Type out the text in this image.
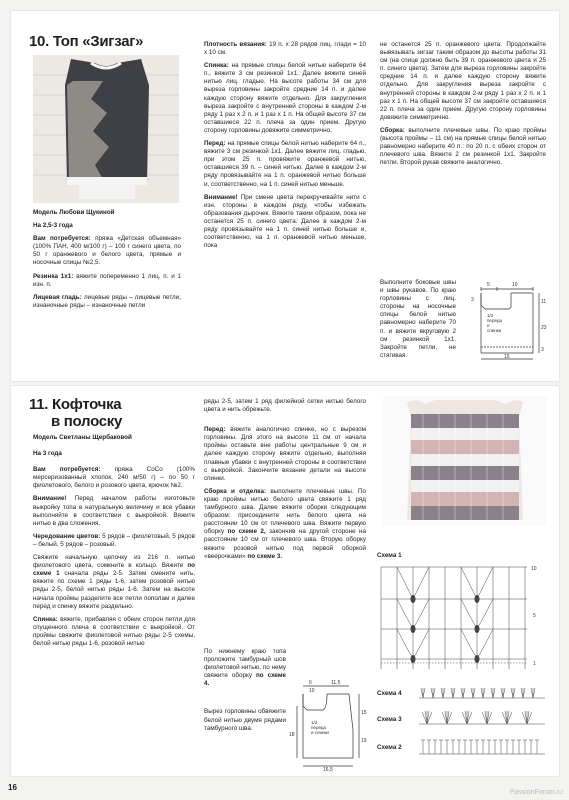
10. Топ «Зигзаг»

Модель Любови Щукиной

На 2,5-3 года

Вам потребуется: пряжа «Детская объемная» (100% ПАН, 400 м/100 г) – 100 г синего цвета, по 50 г оранжевого и белого цвета, прямые и носочные спицы №2,5.

Резинка 1х1: вяжите попеременно 1 лиц. п. и 1 изн. п.

Лицевая гладь: лицевые ряды – лицевые петли, изнаночные ряды – изнаночные петли

Плотность вязания: 19 п. х 28 рядов лиц. глади = 10 х 10 см.

Спинка: на прямые спицы белой нитью наберите 64 п., вяжите 3 см резинкой 1х1. Далее вяжите синей нитью лиц. гладью. На высоте работы 34 см для выреза горловины закройте средние 14 п. и далее каждую сторону вяжите отдельно. Для закругления выреза закройте с внутренней стороны в каждом 2-м ряду 1 раз х 2 п. и 1 раз х 1 п. На общей высоте 37 см оставшиеся 22 п. плеча за один прием. Другую сторону горловины довяжите симметрично.

Перед: на прямые спицы белой нитью наберите 64 п., вяжите 3 см резинкой 1х1. Далее вяжите лиц. гладью, при этом 25 п. провяжите оранжевой нитью, оставшиеся 39 п. – синей нитью. Далее в каждом 2-м ряду провязывайте на 1 п. оранжевой нитью больше и, соответственно, на 1 п. синей нитью меньше.

Внимание! При смене цвета перекручивайте нити с изн. стороны в каждом ряду, чтобы избежать образования дырочек. Вяжите таким образом, пока не останется 25 п. синего цвета. Далее в каждом 2-м ряду провязывайте на 1 п. синей нитью больше и, соответственно, на 1 п. оранжевой нитью меньше, пока

не останется 25 п. оранжевого цвета. Продолжайте вывязывать зигзаг таким образом до высоты работы 31 см (на спице должно быть 39 п. оранжевого цвета и 25 п. синего цвета). Затем для выреза горловины закройте средние 14 п. и далее каждую сторону вяжите отдельно. Для закругления выреза закройте с внутренней стороны в каждом 2-м ряду 1 раз х 2 п. и 1 раз х 1 п. На общей высоте 37 см закройте оставшиеся 22 п. плеча за один прием. Другую сторону горловины довяжите симметрично.

Сборка: выполните плечевые швы. По краю проймы (высота проймы – 11 см) на прямые спицы белой нитью равномерно наберите 40 п.: по 20 п. с обеих сторон от плечевого шва. Вяжите 2 см резинкой 1х1. Закройте петли. Второй рукав свяжите аналогично.

Выполните боковые швы и швы рукавов. По краю горловины с лиц. стороны на носочные спицы белой нитью равномерно наберите 70 п. и вяжите вкруговую 2 см резинкой 1х1. Закройте петли, не стягивая.
5	10
3	11
23
3
1/2
переда
и
спинки
15
11. Кофточка
в полоску

Модель Светланы Щербаковой

На 3 года

Вам потребуется: пряжа СоСо (100% мерсеризованный хлопок, 240 м/50 г) – по 50 г фиолетового, белого и розового цвета, крючок №2.

Внимание! Перед началом работы изготовьте выкройку топа в натуральную величину и все убавки выполняйте в соответствии с выкройкой. Вяжите нитью в два сложения.

Чередование цветов: 5 рядов – фиолетовый, 5 рядов – белый, 5 рядов – розовый.

Свяжите начальную цепочку из 216 п. нитью фиолетового цвета, сомкните в кольцо. Вяжите по схеме 1 сначала ряды 2-5. Затем смените нить, вяжите по схеме 1 ряды 1-6, затем розовой нитью ряды 2-5, белой нитью ряды 1-6. Затем на высоте начала проймы разделите все петли пополам и далее перед и спинку вяжите раздельно.

Спинка: вяжите, прибавляя с обеих сторон петли для спущенного плеча в соответствии с выкройкой. От проймы свяжите фиолетовой нитью ряды 2-5 схемы, белой нитью ряды 1-6, розовой нитью

ряды 2-5, затем 1 ряд филейной сетки нитью белого цвета и нить обрежьте.

Перед: вяжите аналогично спинке, но с вырезом горловины. Для этого на высоте 11 см от начала проймы оставьте вне работы центральные 9 см и далее каждую сторону вяжите отдельно, выполняя плавные убавки с внутренней стороны в соответствии с выкройкой. Закончите вязание детали на высоте спинки.

Сборка и отделка: выполните плечевые швы. По краю проймы нитью белого цвета свяжите 1 ряд тамбурного шва. Далее вяжите оборки следующим образом: присоедините нить белого цвета на расстоянии 10 см от плечевого шва. Вяжите первую оборку по схеме 2, закончив на другой стороне на расстоянии 10 см от плечевого шва. Вторую оборку вяжите розовой нитью под первой оборкой «веерочками» по схеме 3.

По нижнему краю топа проложите тамбурный шов фиолетовой нитью, по нему свяжите оборку по схеме 4.

Вырез горловины обвяжите белой нитью двумя рядами тамбурного шва.

Схема 1
10
5
1
6
10
11,5
15
19
18
1/2
переда
и спинки
16,5
Схема 4
Схема 3
Схема 2
16
PassionForum.ru
